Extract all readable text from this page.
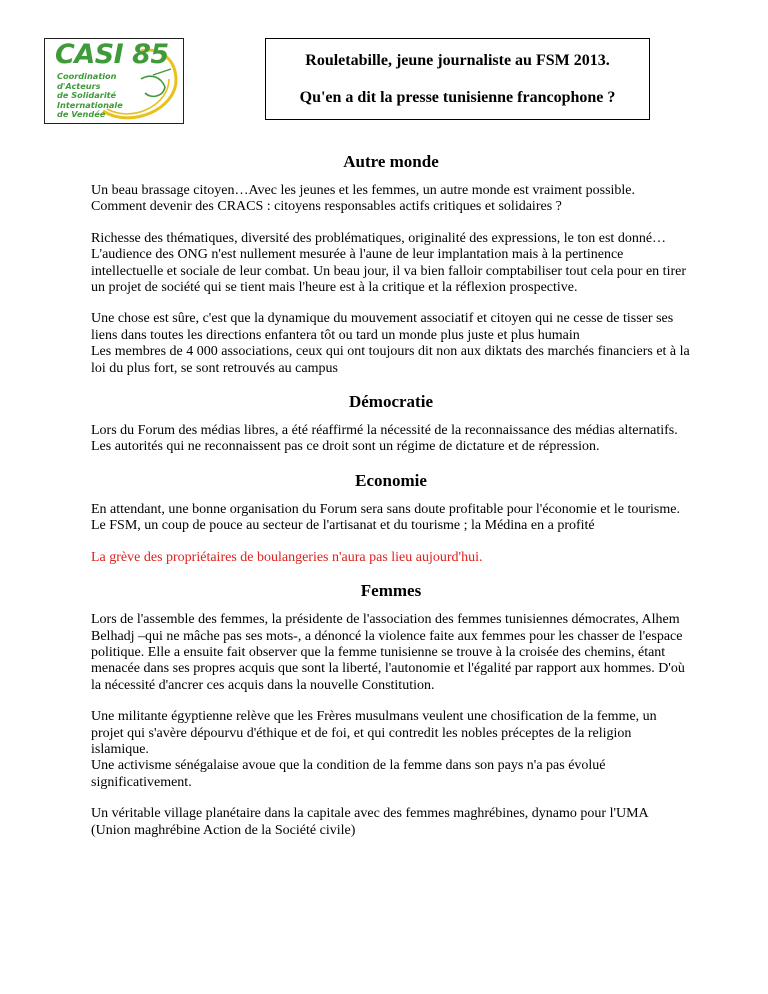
CASI 85
Coordination
d'Acteurs
de Solidarité
Internationale
de Vendée
Rouletabille, jeune journaliste au FSM 2013.
Qu'en a dit la presse tunisienne francophone ?
Autre monde

Un beau brassage citoyen…Avec les jeunes et les femmes, un autre monde est vraiment possible.
Comment devenir des CRACS : citoyens responsables actifs critiques et solidaires ?

Richesse des thématiques, diversité des problématiques, originalité des expressions, le ton est donné…L'audience des ONG n'est nullement mesurée à l'aune de leur implantation mais à la pertinence intellectuelle et sociale de leur combat. Un beau jour, il va bien falloir comptabiliser tout cela pour en tirer un projet de société qui se tient mais l'heure est à la critique et la réflexion prospective.

Une chose est sûre, c'est que la dynamique du mouvement associatif et citoyen qui ne cesse de tisser ses liens dans toutes les directions enfantera tôt ou tard un monde plus juste et plus humain
Les membres de 4 000 associations, ceux qui ont toujours dit non aux diktats des marchés financiers et à la loi du plus fort, se sont retrouvés au campus

Démocratie

Lors du Forum des médias libres, a été réaffirmé la nécessité de la reconnaissance des médias alternatifs. Les autorités qui ne reconnaissent pas ce droit sont un régime de dictature et de répression.

Economie

En attendant, une bonne organisation du Forum sera sans doute profitable pour l'économie et le tourisme.
Le FSM, un coup de pouce au secteur de l'artisanat et du tourisme ; la Médina en a profité

La grève des propriétaires de boulangeries n'aura pas lieu aujourd'hui.

Femmes

Lors de l'assemble des femmes, la présidente de l'association des femmes tunisiennes démocrates, Alhem Belhadj –qui ne mâche pas ses mots-, a dénoncé la violence faite aux femmes pour les chasser de l'espace politique. Elle a ensuite fait observer que la femme tunisienne se trouve à la croisée des chemins, étant menacée dans ses propres acquis que sont la liberté, l'autonomie et l'égalité par rapport aux hommes. D'où la nécessité d'ancrer ces acquis dans la nouvelle Constitution.

Une militante égyptienne relève que les Frères musulmans veulent une chosification de la femme, un projet qui s'avère dépourvu d'éthique et de foi, et qui contredit les nobles préceptes de la religion islamique.
Une activisme sénégalaise avoue que la condition de la femme dans son pays n'a pas évolué significativement.

Un véritable village planétaire dans la capitale avec des femmes maghrébines, dynamo pour l'UMA (Union maghrébine Action de la Société civile)
